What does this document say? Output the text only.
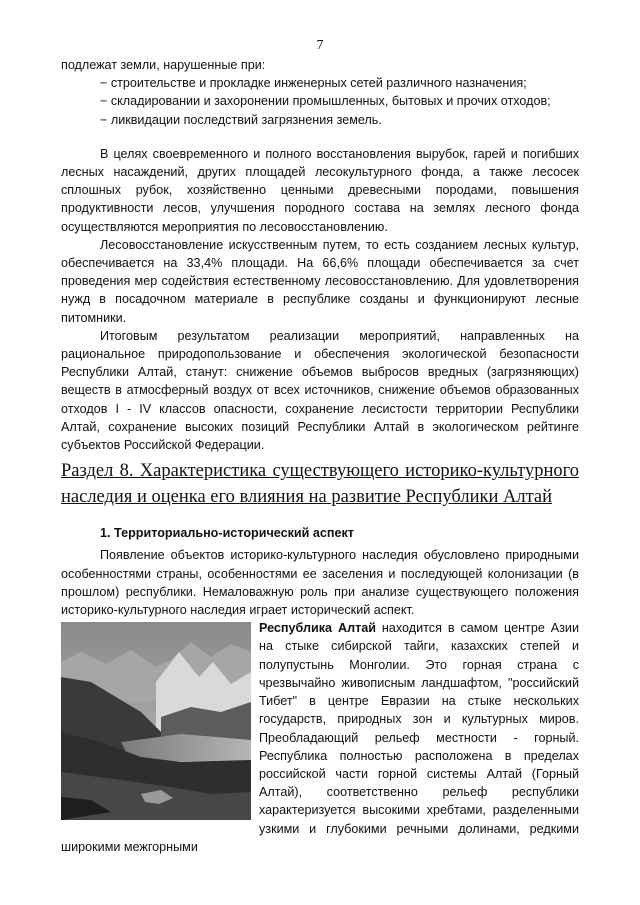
7

подлежат земли, нарушенные при:

− строительстве и прокладке инженерных сетей различного назначения;

− складировании и захоронении промышленных, бытовых и прочих отходов;

− ликвидации последствий загрязнения земель.

В целях своевременного и полного восстановления вырубок, гарей и погибших лесных насаждений, других площадей лесокультурного фонда, а также лесосек сплошных рубок, хозяйственно ценными древесными породами, повышения продуктивности лесов, улучшения породного состава на землях лесного фонда осуществляются мероприятия по лесовосстановлению.

Лесовосстановление искусственным путем, то есть созданием лесных культур, обеспечивается на 33,4% площади. На 66,6% площади обеспечивается за счет проведения мер содействия естественному лесовосстановлению. Для удовлетворения нужд в посадочном материале в республике созданы и функционируют лесные питомники.

Итоговым результатом реализации мероприятий, направленных на рациональное природопользование и обеспечения экологической безопасности Республики Алтай, станут: снижение объемов выбросов вредных (загрязняющих) веществ в атмосферный воздух от всех источников, снижение объемов образованных отходов I - IV классов опасности, сохранение лесистости территории Республики Алтай, сохранение высоких позиций Республики Алтай в экологическом рейтинге субъектов Российской Федерации.

Раздел 8. Характеристика существующего историко-культурного наследия и оценка его влияния на развитие Республики Алтай

1. Территориально-исторический аспект

Появление объектов историко-культурного наследия обусловлено природными особенностями страны, особенностями ее заселения и последующей колонизации (в прошлом) республики. Немаловажную роль при анализе существующего положения историко-культурного наследия играет исторический аспект.

Республика Алтай находится в самом центре Азии на стыке сибирской тайги, казахских степей и полупустынь Монголии. Это горная страна с чрезвычайно живописным ландшафтом, "российский Тибет" в центре Евразии на стыке нескольких государств, природных зон и культурных миров. Преобладающий рельеф местности - горный. Республика полностью расположена в пределах российской части горной системы Алтай (Горный Алтай), соответственно рельеф республики характеризуется высокими хребтами, разделенными узкими и глубокими речными долинами, редкими широкими межгорными
